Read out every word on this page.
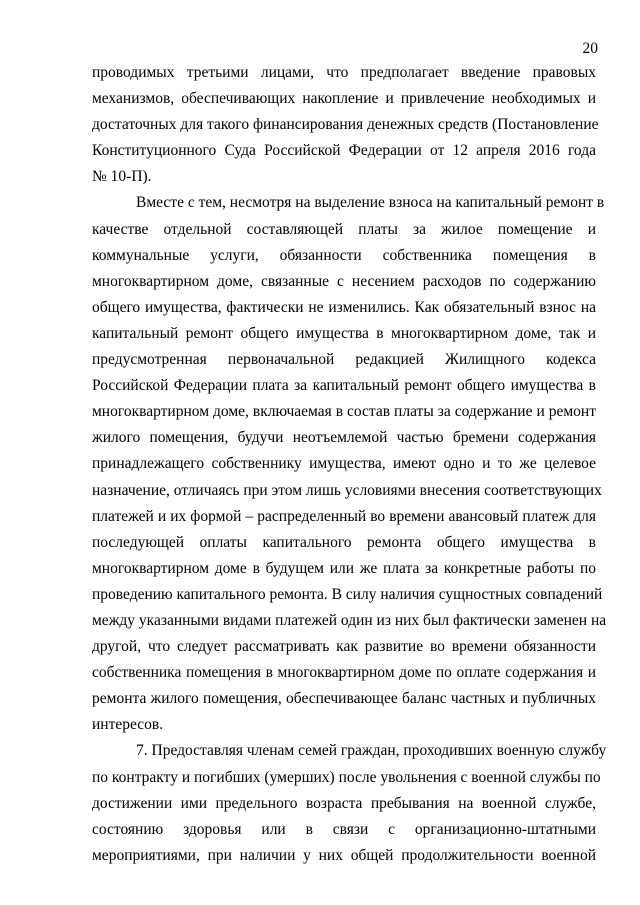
20
проводимых третьими лицами, что предполагает введение правовых
механизмов, обеспечивающих накопление и привлечение необходимых и
достаточных для такого финансирования денежных средств (Постановление
Конституционного Суда Российской Федерации от 12 апреля 2016 года
№ 10-П).
Вместе с тем, несмотря на выделение взноса на капитальный ремонт в
качестве отдельной составляющей платы за жилое помещение и
коммунальные услуги, обязанности собственника помещения в
многоквартирном доме, связанные с несением расходов по содержанию
общего имущества, фактически не изменились. Как обязательный взнос на
капитальный ремонт общего имущества в многоквартирном доме, так и
предусмотренная первоначальной редакцией Жилищного кодекса
Российской Федерации плата за капитальный ремонт общего имущества в
многоквартирном доме, включаемая в состав платы за содержание и ремонт
жилого помещения, будучи неотъемлемой частью бремени содержания
принадлежащего собственнику имущества, имеют одно и то же целевое
назначение, отличаясь при этом лишь условиями внесения соответствующих
платежей и их формой – распределенный во времени авансовый платеж для
последующей оплаты капитального ремонта общего имущества в
многоквартирном доме в будущем или же плата за конкретные работы по
проведению капитального ремонта. В силу наличия сущностных совпадений
между указанными видами платежей один из них был фактически заменен на
другой, что следует рассматривать как развитие во времени обязанности
собственника помещения в многоквартирном доме по оплате содержания и
ремонта жилого помещения, обеспечивающее баланс частных и публичных
интересов.
7. Предоставляя членам семей граждан, проходивших военную службу
по контракту и погибших (умерших) после увольнения с военной службы по
достижении ими предельного возраста пребывания на военной службе,
состоянию здоровья или в связи с организационно-штатными
мероприятиями, при наличии у них общей продолжительности военной
